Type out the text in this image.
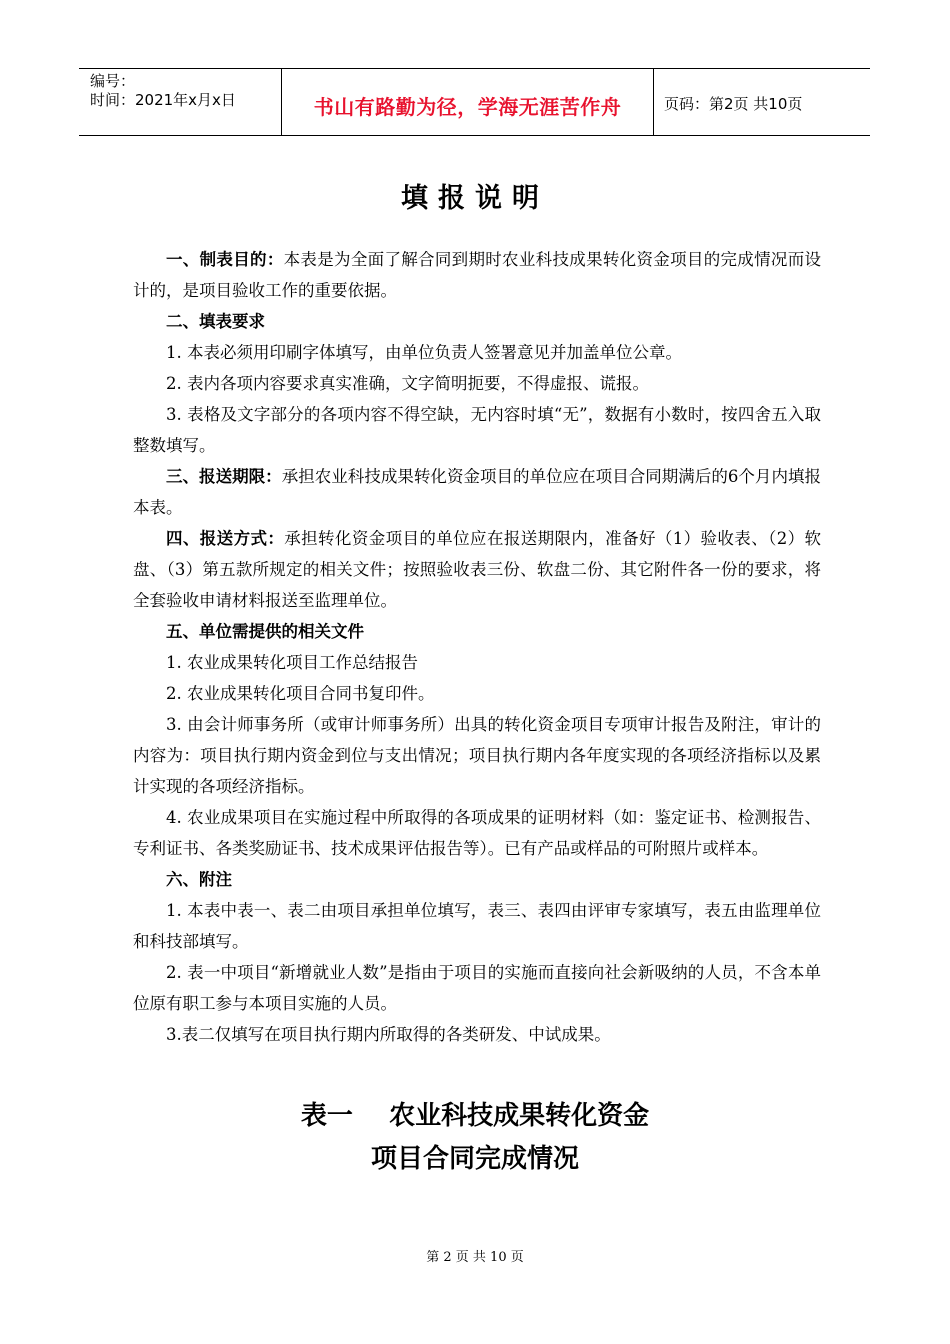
编号：
时间：2021年x月x日	书山有路勤为径，学海无涯苦作舟	页码：第2页 共10页
填报说明

一、制表目的：本表是为全面了解合同到期时农业科技成果转化资金项目的完成情况而设计的，是项目验收工作的重要依据。

二、填表要求

1. 本表必须用印刷字体填写，由单位负责人签署意见并加盖单位公章。

2. 表内各项内容要求真实准确，文字简明扼要，不得虚报、谎报。

3. 表格及文字部分的各项内容不得空缺，无内容时填“无”，数据有小数时，按四舍五入取整数填写。

三、报送期限：承担农业科技成果转化资金项目的单位应在项目合同期满后的6个月内填报本表。

四、报送方式：承担转化资金项目的单位应在报送期限内，准备好（1）验收表、（2）软盘、（3）第五款所规定的相关文件；按照验收表三份、软盘二份、其它附件各一份的要求，将全套验收申请材料报送至监理单位。

五、单位需提供的相关文件

1. 农业成果转化项目工作总结报告

2. 农业成果转化项目合同书复印件。

3. 由会计师事务所（或审计师事务所）出具的转化资金项目专项审计报告及附注，审计的内容为：项目执行期内资金到位与支出情况；项目执行期内各年度实现的各项经济指标以及累计实现的各项经济指标。

4. 农业成果项目在实施过程中所取得的各项成果的证明材料（如：鉴定证书、检测报告、专利证书、各类奖励证书、技术成果评估报告等）。已有产品或样品的可附照片或样本。

六、附注

1. 本表中表一、表二由项目承担单位填写，表三、表四由评审专家填写，表五由监理单位和科技部填写。

2. 表一中项目“新增就业人数”是指由于项目的实施而直接向社会新吸纳的人员，不含本单位原有职工参与本项目实施的人员。

3.表二仅填写在项目执行期内所取得的各类研发、中试成果。

表一    农业科技成果转化资金
项目合同完成情况
第 2 页 共 10 页
